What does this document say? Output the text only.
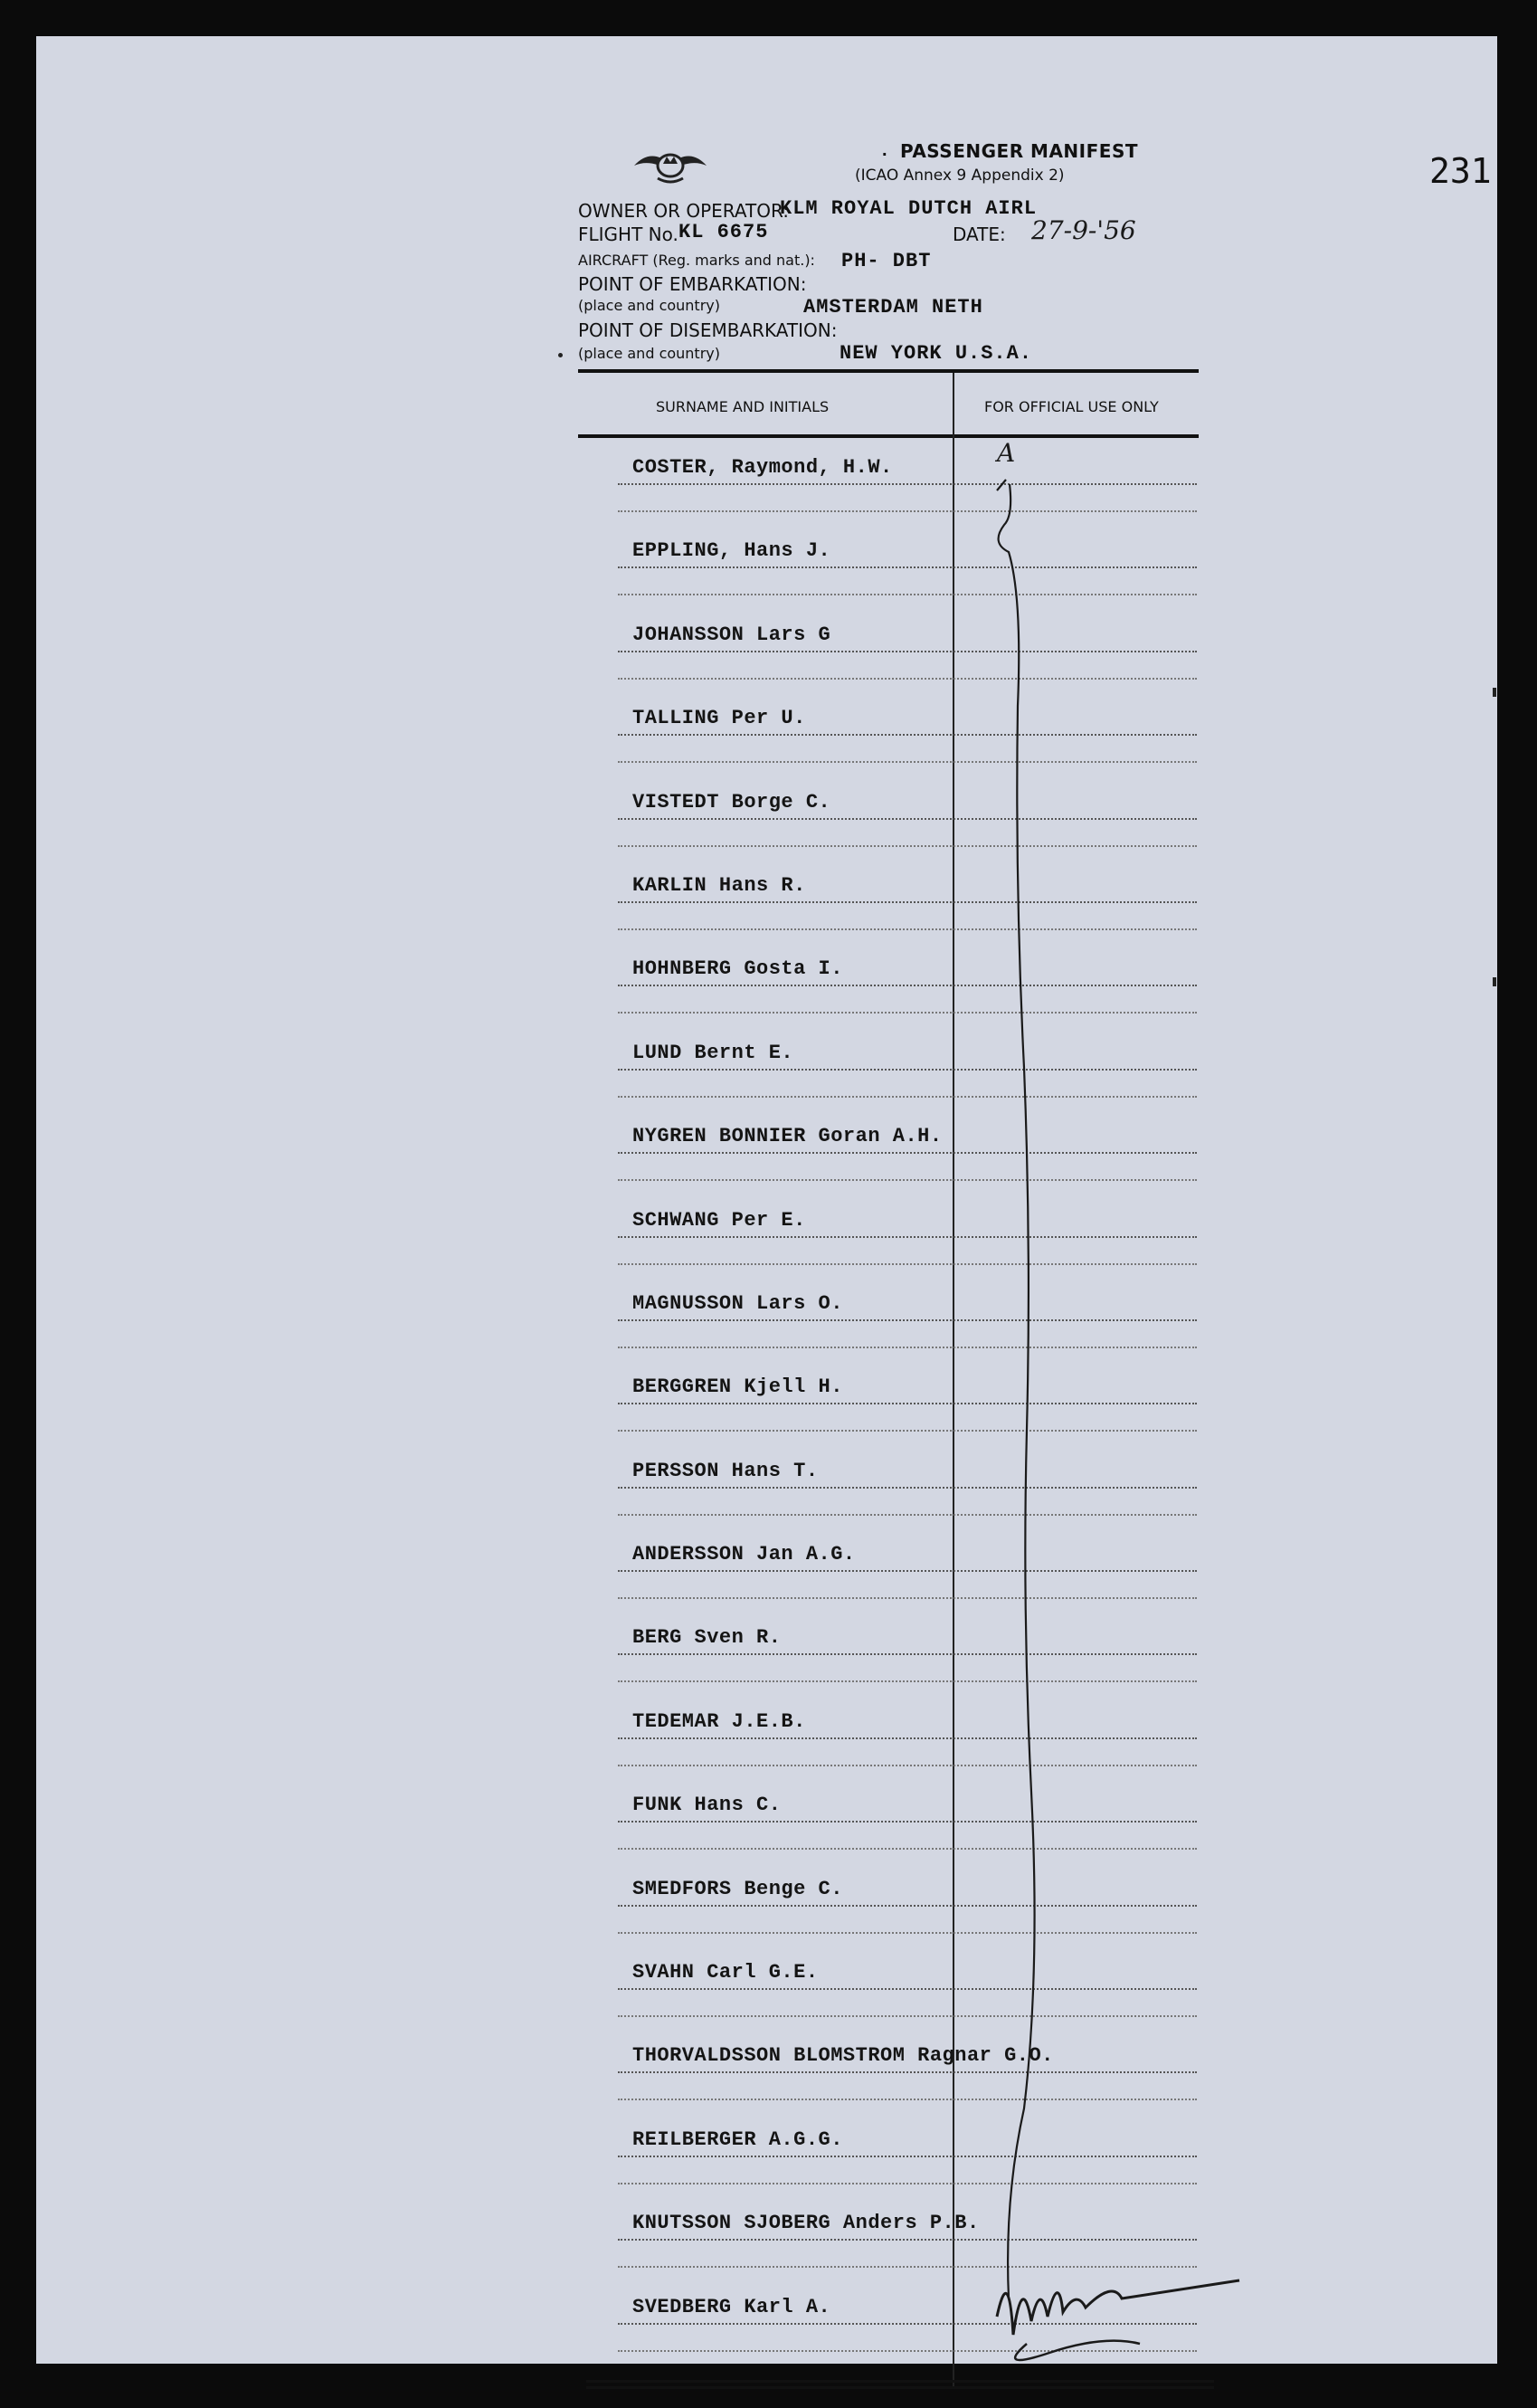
231
. PASSENGER MANIFEST
(ICAO Annex 9 Appendix 2)
OWNER OR OPERATOR:
KLM ROYAL DUTCH AIRL
FLIGHT No. KL 6675	DATE: 27-9-'56
AIRCRAFT (Reg. marks and nat.): PH- DBT
POINT OF EMBARKATION:
(place and country)	AMSTERDAM NETH
POINT OF DISEMBARKATION:
(place and country)	NEW YORK U.S.A.
SURNAME AND INITIALS	FOR OFFICIAL USE ONLY
COSTER, Raymond, H.W.
EPPLING, Hans J.
JOHANSSON Lars G
TALLING Per U.
VISTEDT Borge C.
KARLIN Hans R.
HOHNBERG Gosta I.
LUND Bernt E.
NYGREN BONNIER Goran A.H.
SCHWANG Per E.
MAGNUSSON Lars O.
BERGGREN Kjell H.
PERSSON Hans T.
ANDERSSON Jan A.G.
BERG Sven R.
TEDEMAR J.E.B.
FUNK Hans C.
SMEDFORS Benge C.
SVAHN Carl G.E.
THORVALDSSON BLOMSTROM Ragnar G.O.
REILBERGER A.G.G.
KNUTSSON SJOBERG Anders P.B.
SVEDBERG Karl A.
A
